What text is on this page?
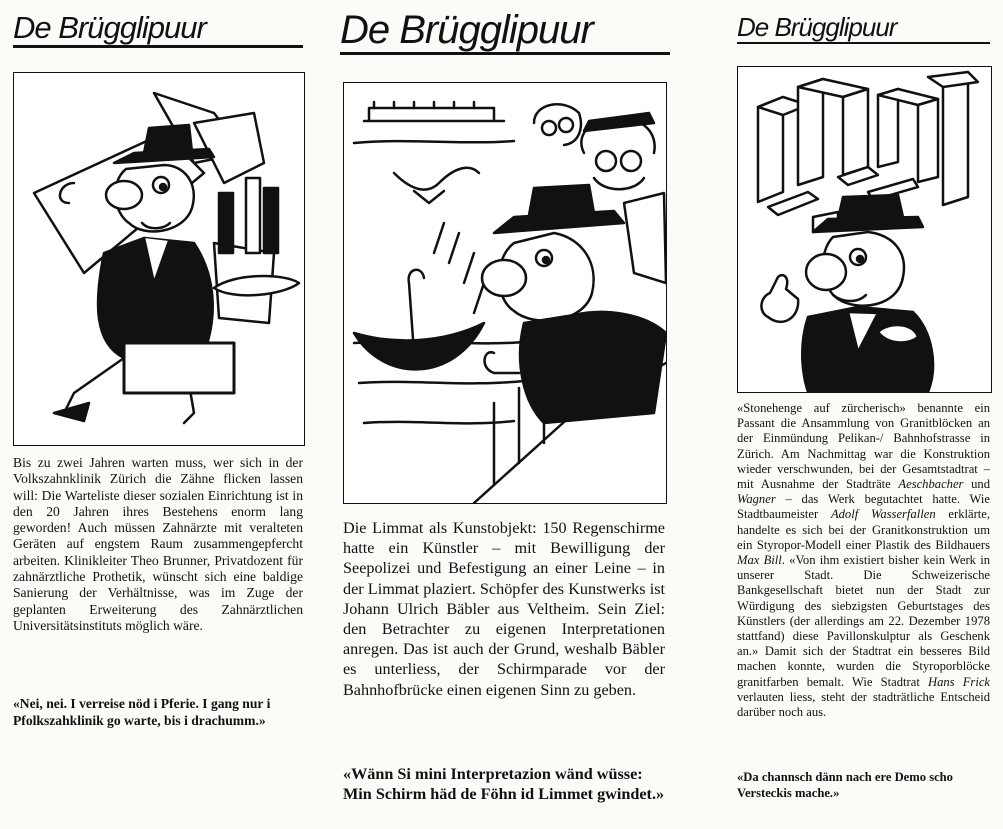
De Brügglipuur

Bis zu zwei Jahren warten muss, wer sich in der Volkszahnklinik Zürich die Zähne flicken lassen will: Die Warteliste dieser sozialen Einrichtung ist in den 20 Jahren ihres Bestehens enorm lang geworden! Auch müssen Zahnärzte mit veralteten Geräten auf engstem Raum zusammengepfercht arbeiten. Klinikleiter Theo Brunner, Privatdozent für zahnärztliche Prothetik, wünscht sich eine baldige Sanierung der Verhältnisse, was im Zuge der geplanten Erweiterung des Zahnärztlichen Universitätsinstituts möglich wäre.

«Nei, nei. I verreise nöd i Pferie. I gang nur i Pfolkszahklinik go warte, bis i drachumm.»

De Brügglipuur

Die Limmat als Kunstobjekt: 150 Regenschirme hatte ein Künstler – mit Bewilligung der Seepolizei und Befestigung an einer Leine – in der Limmat plaziert. Schöpfer des Kunstwerks ist Johann Ulrich Bäbler aus Veltheim. Sein Ziel: den Betrachter zu eigenen Interpretationen anregen. Das ist auch der Grund, weshalb Bäbler es unterliess, der Schirmparade vor der Bahnhofbrücke einen eigenen Sinn zu geben.

«Wänn Si mini Interpretazion wänd wüsse: Min Schirm häd de Föhn id Limmet gwindet.»

De Brügglipuur

«Stonehenge auf zürcherisch» benannte ein Passant die Ansammlung von Granitblöcken an der Einmündung Pelikan-/ Bahnhofstrasse in Zürich. Am Nachmittag war die Konstruktion wieder verschwunden, bei der Gesamtstadtrat – mit Ausnahme der Stadträte Aeschbacher und Wagner – das Werk begutachtet hatte. Wie Stadtbaumeister Adolf Wasserfallen erklärte, handelte es sich bei der Granitkonstruktion um ein Styropor-Modell einer Plastik des Bildhauers Max Bill. «Von ihm existiert bisher kein Werk in unserer Stadt. Die Schweizerische Bankgesellschaft bietet nun der Stadt zur Würdigung des siebzigsten Geburtstages des Künstlers (der allerdings am 22. Dezember 1978 stattfand) diese Pavillonskulptur als Geschenk an.» Damit sich der Stadtrat ein besseres Bild machen konnte, wurden die Styroporblöcke granitfarben bemalt. Wie Stadtrat Hans Frick verlauten liess, steht der stadträtliche Entscheid darüber noch aus.

«Da channsch dänn nach ere Demo scho Versteckis mache.»
